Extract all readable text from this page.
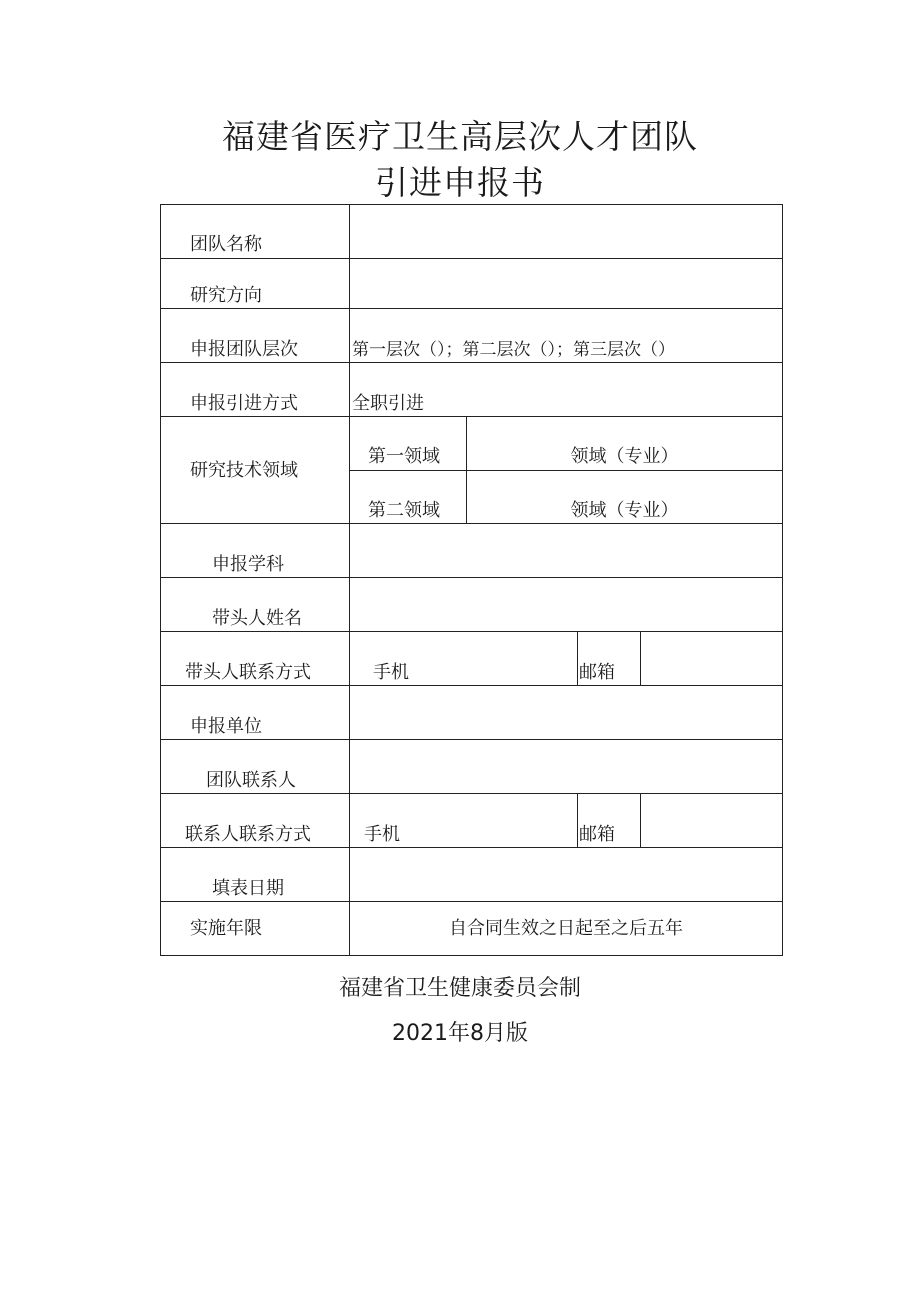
福建省医疗卫生高层次人才团队
引进申报书
团队名称
研究方向
申报团队层次	第一层次（）；第二层次（）；第三层次（）
申报引进方式	全职引进
研究技术领域
第一领域	领域（专业）
第二领域	领域（专业）
申报学科
带头人姓名
带头人联系方式	手机	邮箱
申报单位
团队联系人
联系人联系方式	手机	邮箱
填表日期
实施年限	自合同生效之日起至之后五年
福建省卫生健康委员会制
2021年8月版
